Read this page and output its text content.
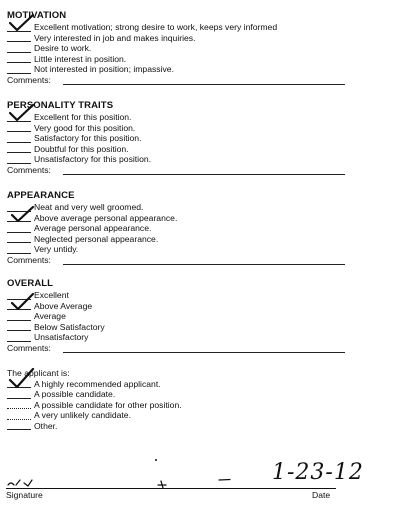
MOTIVATION
Excellent motivation; strong desire to work, keeps very informed
Very interested in job and makes inquiries.
Desire to work.
Little interest in position.
Not interested in position; impassive.
Comments:
PERSONALITY TRAITS
Excellent for this position.
Very good for this position.
Satisfactory for this position.
Doubtful for this position.
Unsatisfactory for this position.
Comments:
APPEARANCE
Neat and very well groomed.
Above average personal appearance.
Average personal appearance.
Neglected personal appearance.
Very untidy.
Comments:
OVERALL
Excellent
Above Average
Average
Below Satisfactory
Unsatisfactory
Comments:
The applicant is:
A highly recommended applicant.
A possible candidate.
A possible candidate for other position.
A very unlikely candidate.
Other.
1-23-12
Signature	Date
